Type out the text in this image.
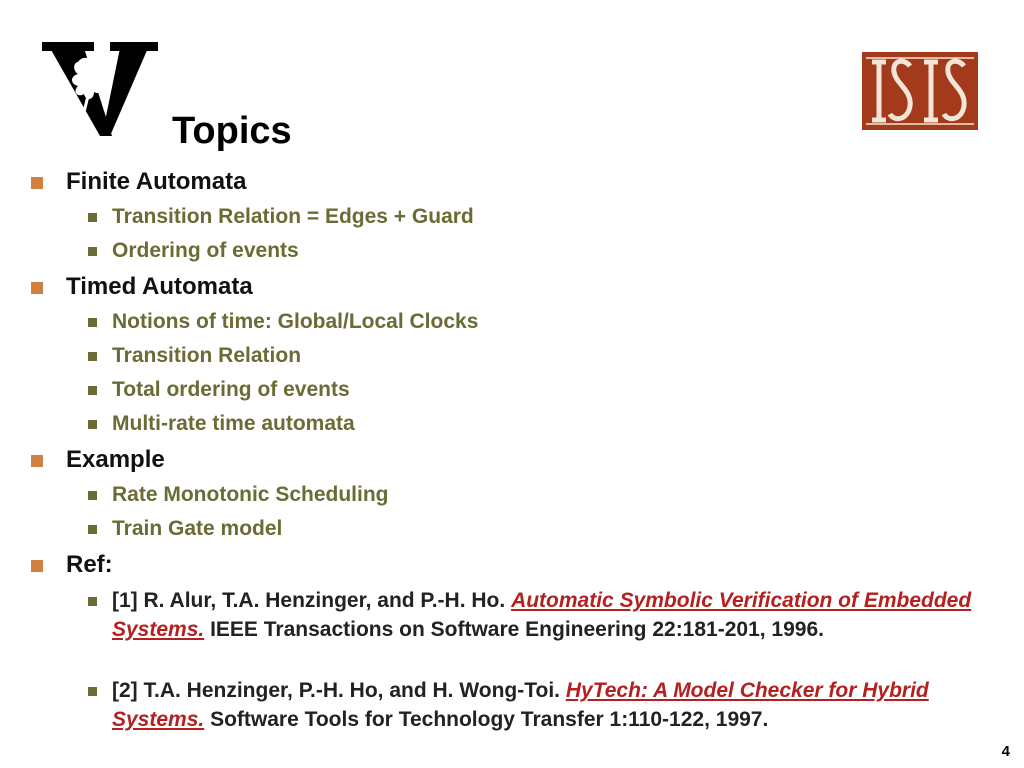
Topics
Finite Automata
Transition Relation = Edges + Guard
Ordering of events
Timed Automata
Notions of time: Global/Local Clocks
Transition Relation
Total ordering of events
Multi-rate time automata
Example
Rate Monotonic Scheduling
Train Gate model
Ref:
[1] R. Alur, T.A. Henzinger, and P.-H. Ho. Automatic Symbolic Verification of Embedded Systems. IEEE Transactions on Software Engineering 22:181-201, 1996.
[2] T.A. Henzinger, P.-H. Ho, and H. Wong-Toi. HyTech: A Model Checker for Hybrid Systems. Software Tools for Technology Transfer 1:110-122, 1997.
4
